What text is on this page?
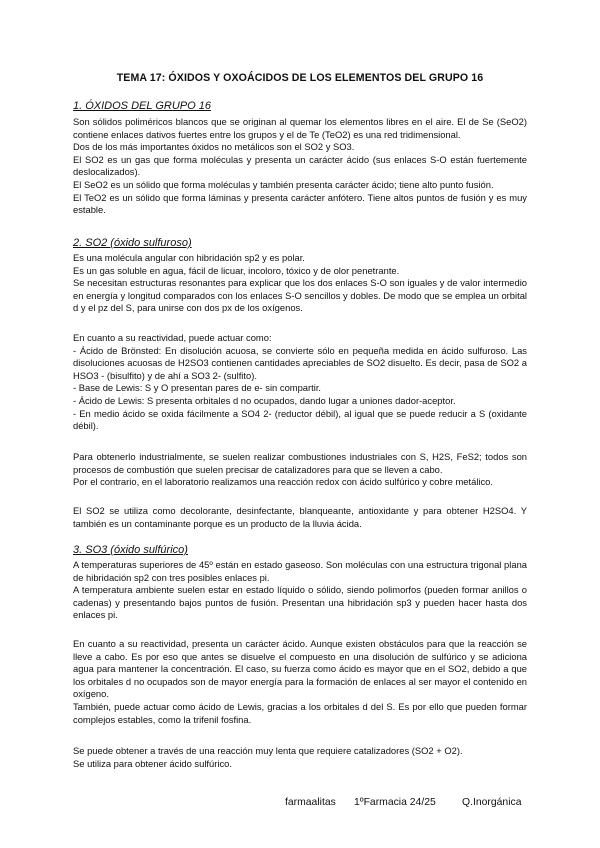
TEMA 17: ÓXIDOS Y OXOÁCIDOS DE LOS ELEMENTOS DEL GRUPO 16
1. ÓXIDOS DEL GRUPO 16

Son sólidos poliméricos blancos que se originan al quemar los elementos libres en el aire. El de Se (SeO2) contiene enlaces dativos fuertes entre los grupos y el de Te (TeO2) es una red tridimensional.

Dos de los más importantes óxidos no metálicos son el SO2 y SO3.

El SO2 es un gas que forma moléculas y presenta un carácter ácido (sus enlaces S-O están fuertemente deslocalizados).

El SeO2 es un sólido que forma moléculas y también presenta carácter ácido; tiene alto punto fusión.

El TeO2 es un sólido que forma láminas y presenta carácter anfótero. Tiene altos puntos de fusión y es muy estable.

2. SO2 (óxido sulfuroso)

Es una molécula angular con hibridación sp2 y es polar.

Es un gas soluble en agua, fácil de licuar, incoloro, tóxico y de olor penetrante.

Se necesitan estructuras resonantes para explicar que los dos enlaces S-O son iguales y de valor intermedio en energía y longitud comparados con los enlaces S-O sencillos y dobles. De modo que se emplea un orbital d y el pz del S, para unirse con dos px de los oxígenos.

En cuanto a su reactividad, puede actuar como:

- Ácido de Brönsted: En disolución acuosa, se convierte sólo en pequeña medida en ácido sulfuroso. Las disoluciones acuosas de H2SO3 contienen cantidades apreciables de SO2 disuelto. Es decir, pasa de SO2 a HSO3 - (bisulfito) y de ahí a SO3 2- (sulfito).

- Base de Lewis: S y O presentan pares de e- sin compartir.

- Ácido de Lewis: S presenta orbitales d no ocupados, dando lugar a uniones dador-aceptor.

- En medio ácido se oxida fácilmente a SO4 2- (reductor débil), al igual que se puede reducir a S (oxidante débil).

Para obtenerlo industrialmente, se suelen realizar combustiones industriales con S, H2S, FeS2; todos son procesos de combustión que suelen precisar de catalizadores para que se lleven a cabo.

Por el contrario, en el laboratorio realizamos una reacción redox con ácido sulfúrico y cobre metálico.

El SO2 se utiliza como decolorante, desinfectante, blanqueante, antioxidante y para obtener H2SO4. Y también es un contaminante porque es un producto de la lluvia ácida.

3. SO3 (óxido sulfúrico)

A temperaturas superiores de 45º están en estado gaseoso. Son moléculas con una estructura trigonal plana de hibridación sp2 con tres posibles enlaces pi.

A temperatura ambiente suelen estar en estado líquido o sólido, siendo polimorfos (pueden formar anillos o cadenas) y presentando bajos puntos de fusión. Presentan una hibridación sp3 y pueden hacer hasta dos enlaces pi.

En cuanto a su reactividad, presenta un carácter ácido. Aunque existen obstáculos para que la reacción se lleve a cabo. Es por eso que antes se disuelve el compuesto en una disolución de sulfúrico y se adiciona agua para mantener la concentración. El caso, su fuerza como ácido es mayor que en el SO2, debido a que los orbitales d no ocupados son de mayor energía para la formación de enlaces al ser mayor el contenido en oxígeno.

También, puede actuar como ácido de Lewis, gracias a los orbitales d del S. Es por ello que pueden formar complejos estables, como la trifenil fosfina.

Se puede obtener a través de una reacción muy lenta que requiere catalizadores (SO2 + O2).

Se utiliza para obtener ácido sulfúrico.

farmaalitas 1ºFarmacia 24/25	Q.Inorgánica
